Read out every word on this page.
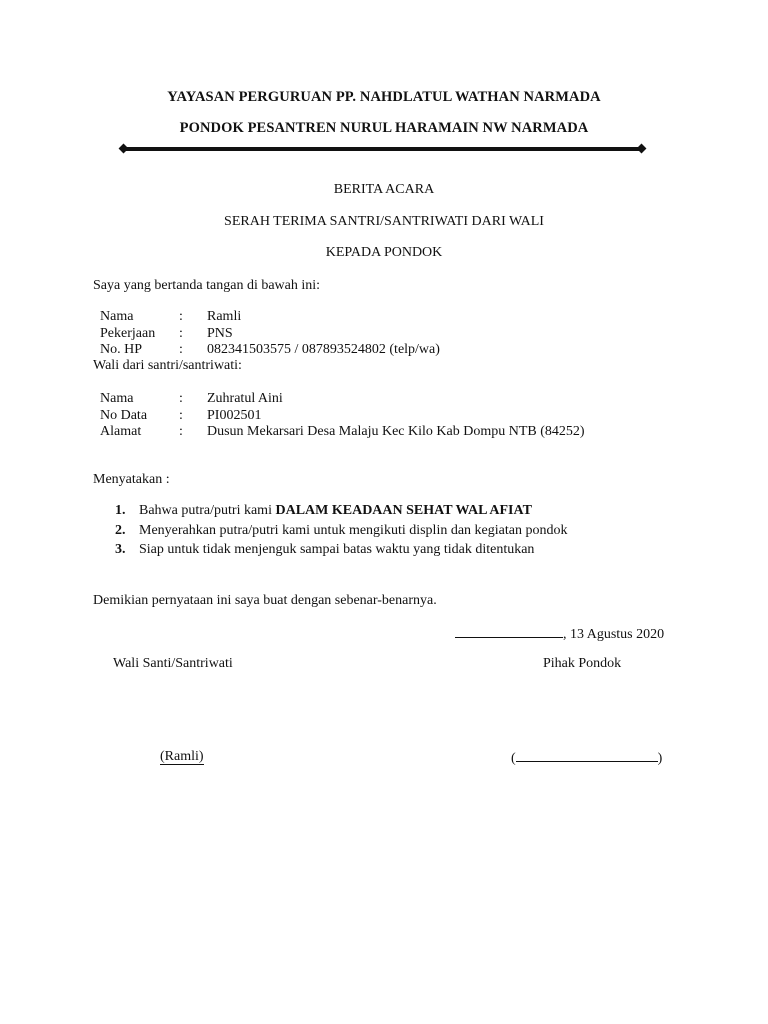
YAYASAN PERGURUAN PP. NAHDLATUL WATHAN NARMADA
PONDOK PESANTREN NURUL HARAMAIN NW NARMADA
BERITA ACARA
SERAH TERIMA SANTRI/SANTRIWATI DARI WALI
KEPADA PONDOK
Saya yang bertanda tangan di bawah ini:
Nama	: Ramli
Pekerjaan : PNS
No. HP	: 082341503575 / 087893524802 (telp/wa)
Wali dari santri/santriwati:
Nama	: Zuhratul Aini
No Data : PI002501
Alamat	: Dusun Mekarsari Desa Malaju Kec Kilo Kab Dompu NTB (84252)
Menyatakan :
1. Bahwa putra/putri kami DALAM KEADAAN SEHAT WAL AFIAT
2. Menyerahkan putra/putri kami untuk mengikuti displin dan kegiatan pondok
3. Siap untuk tidak menjenguk sampai batas waktu yang tidak ditentukan
Demikian pernyataan ini saya buat dengan sebenar-benarnya.
, 13 Agustus 2020
Wali Santi/Santriwati	Pihak Pondok
(Ramli)	(	)
